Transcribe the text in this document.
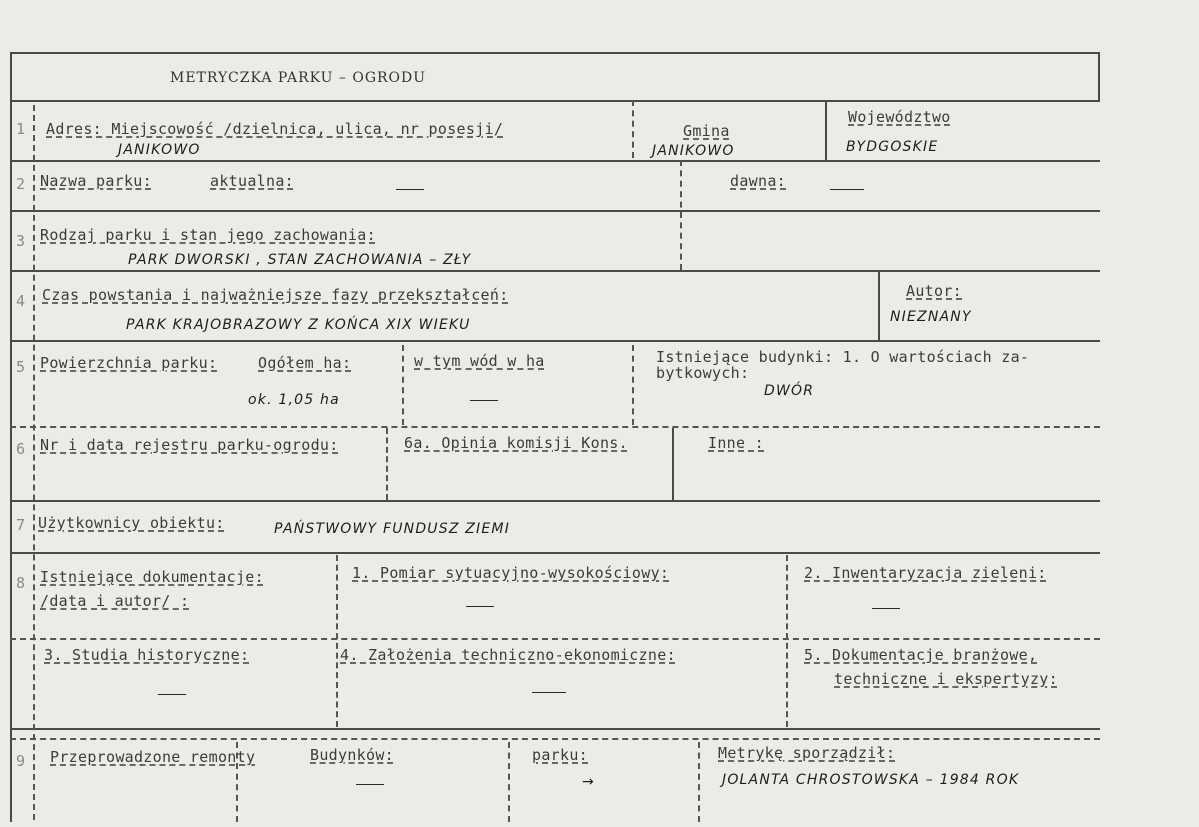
METRYCZKA PARKU – OGRODU
1 Adres: Miejscowość /dzielnica, ulica, nr posesji/
JANIKOWO
Gmina
JANIKOWO
Województwo
BYDGOSKIE
2 Nazwa parku:	aktualna:	dawna:
3 Rodzaj parku i stan jego zachowania:
PARK DWORSKI , STAN ZACHOWANIA – ZŁY
4 Czas powstania i najważniejsze fazy przekształceń:
PARK KRAJOBRAZOWY Z KOŃCA XIX WIEKU
Autor:
NIEZNANY
5 Powierzchnia parku:	Ogółem ha:
ok. 1,05 ha
w tym wód w ha	Istniejące budynki: 1. O wartościach za-
bytkowych:
DWÓR
6 Nr i data rejestru parku-ogrodu:	6a. Opinia komisji Kons.	Inne :
7 Użytkownicy obiektu:	PAŃSTWOWY FUNDUSZ ZIEMI
8 Istniejące dokumentacje:
/data i autor/ :
1. Pomiar sytuacyjno-wysokościowy:	2. Inwentaryzacja zieleni:
3. Studia historyczne:	4. Założenia techniczno-ekonomiczne:	5. Dokumentacje branżowe,
techniczne i ekspertyzy:
9 Przeprowadzone remonty	Budynków:	parku:
→
Metrykę sporządził:
JOLANTA CHROSTOWSKA – 1984 ROK
